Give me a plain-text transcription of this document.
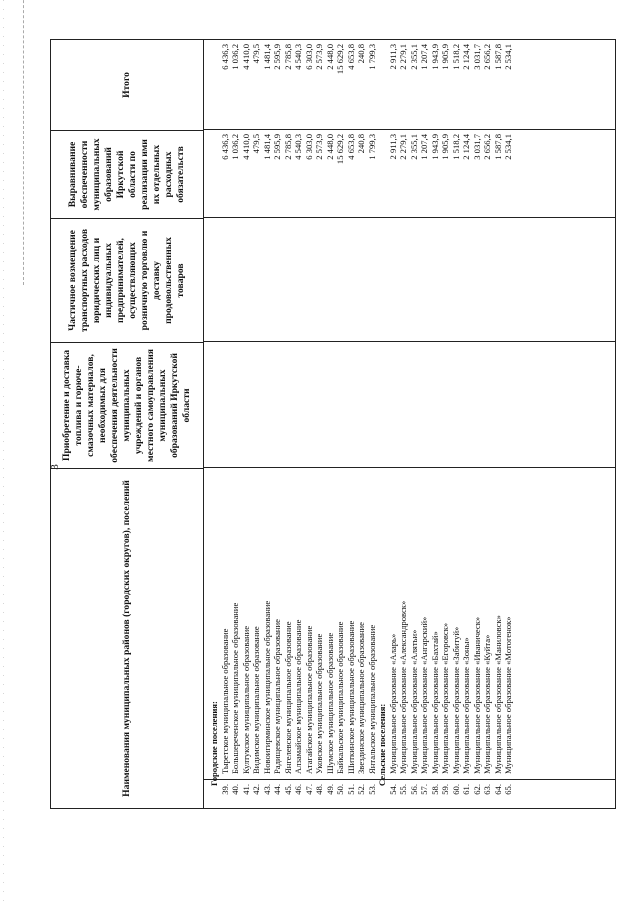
3
Наименования муниципальных районов (городских округов), поселений
Приобретение и доставка топлива и горюче-смазочных материалов, необходимых для обеспечения деятельности муниципальных учреждений и органов местного самоуправления муниципальных образований Иркутской области
Частичное возмещение транспортных расходов юридических лиц и индивидуальных предпринимателей, осуществляющих розничную торговлю и доставку продовольственных товаров
Выравнивание обеспеченности муниципальных образований Иркутской области по реализации ими их отдельных расходных обязательств
Итого
Городские поселения:
39.
Тыретское муниципальное образование
6 436,3
6 436,3
40.
Большереченское муниципальное образование
1 036,2
1 036,2
41.
Култукское муниципальное образование
4 410,0
4 410,0
42.
Видимское муниципальное образование
479,5
479,5
43.
Новоигирминское муниципальное образование
1 481,4
1 481,4
44.
Радищевское муниципальное образование
2 595,9
2 595,9
45.
Янгелевское муниципальное образование
2 785,8
2 785,8
46.
Алзамайское муниципальное образование
4 540,3
4 540,3
47.
Атагайское муниципальное образование
6 303,0
6 303,0
48.
Уковское муниципальное образование
2 573,9
2 573,9
49.
Шумское муниципальное образование
2 448,0
2 448,0
50.
Байкальское муниципальное образование
15 629,2
15 629,2
51.
Шиткинское муниципальное образование
4 653,8
4 653,8
52.
Звездинское муниципальное образование
240,8
240,8
53.
Янтальское муниципальное образование
1 799,3
1 799,3
Сельские поселения:
54.
Муниципальное образование «Аларь»
2 911,3
2 911,3
55.
Муниципальное образование «Александровск»
2 279,1
2 279,1
56.
Муниципальное образование «Алятьи»
2 355,1
2 355,1
57.
Муниципальное образование «Ангарский»
1 207,4
1 207,4
58.
Муниципальное образование «Бахтай»
1 943,9
1 943,9
59.
Муниципальное образование «Егоровск»
1 905,9
1 905,9
60.
Муниципальное образование «Забитуй»
1 518,2
1 518,2
61.
Муниципальное образование «Зоны»
2 124,4
2 124,4
62.
Муниципальное образование «Иваническ»
3 031,7
3 031,7
63.
Муниципальное образование «Куйта»
2 656,2
2 656,2
64.
Муниципальное образование «Маниловск»
1 587,8
1 587,8
65.
Муниципальное образование «Мотогенок»
2 534,1
2 534,1
